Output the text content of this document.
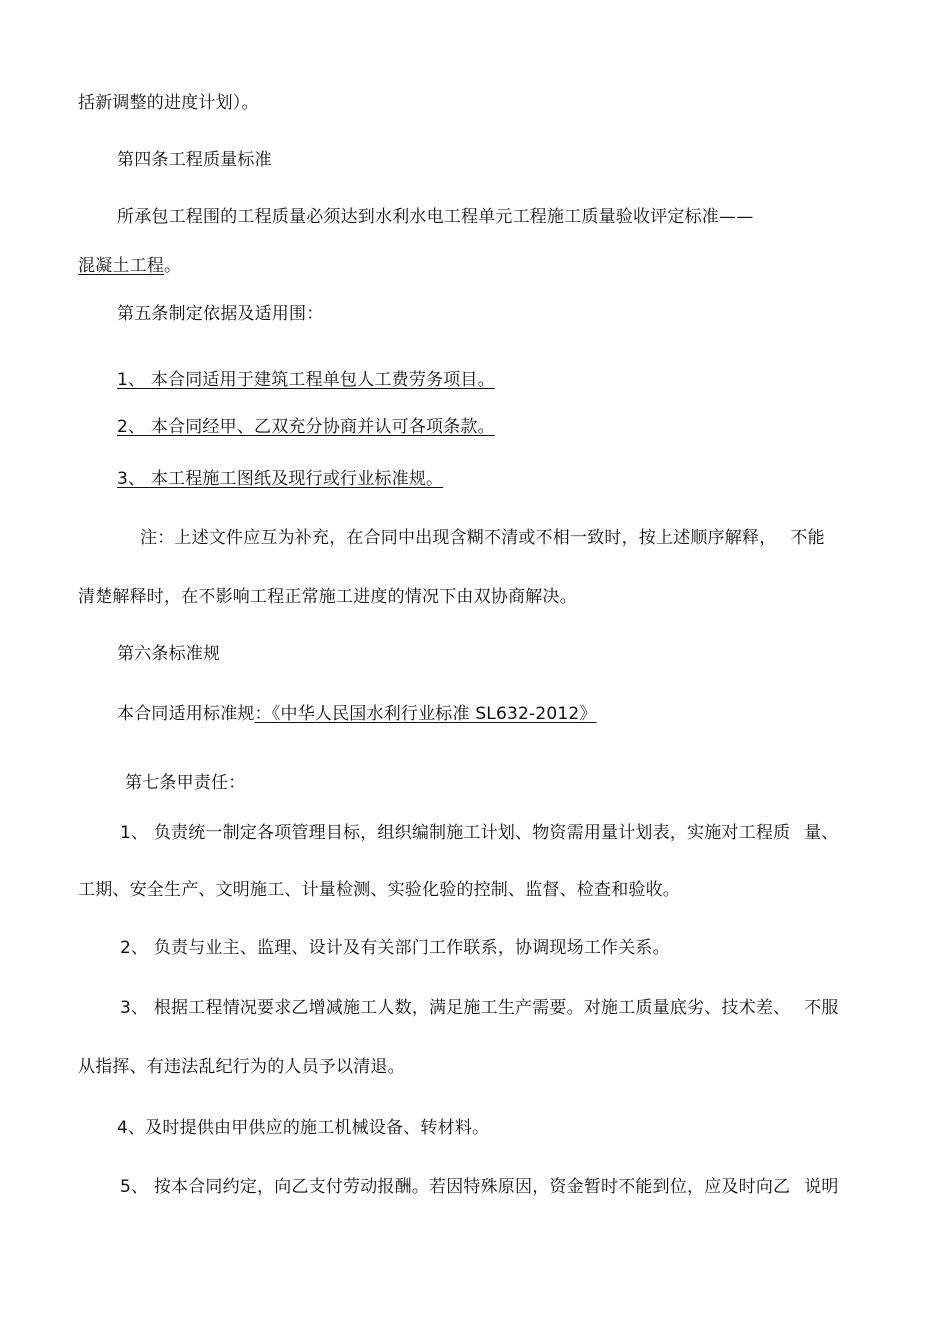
括新调整的进度计划）。
第四条工程质量标准
所承包工程围的工程质量必须达到水利水电工程单元工程施工质量验收评定标准——
混凝土工程。
第五条制定依据及适用围：
1、 本合同适用于建筑工程单包人工费劳务项目。
2、 本合同经甲、乙双充分协商并认可各项条款。
3、 本工程施工图纸及现行或行业标准规。
注：上述文件应互为补充，在合同中出现含糊不清或不相一致时，按上述顺序解释， 不能
清楚解释时，在不影响工程正常施工进度的情况下由双协商解决。
第六条标准规
本合同适用标准规：《中华人民国水利行业标准 SL632-2012》
第七条甲责任：
1、 负责统一制定各项管理目标，组织编制施工计划、物资需用量计划表，实施对工程质 量、
工期、安全生产、文明施工、计量检测、实验化验的控制、监督、检查和验收。
2、 负责与业主、监理、设计及有关部门工作联系，协调现场工作关系。
3、 根据工程情况要求乙增减施工人数，满足施工生产需要。对施工质量底劣、技术差、 不服
从指挥、有违法乱纪行为的人员予以清退。
4、及时提供由甲供应的施工机械设备、转材料。
5、 按本合同约定，向乙支付劳动报酬。若因特殊原因，资金暂时不能到位，应及时向乙 说明
